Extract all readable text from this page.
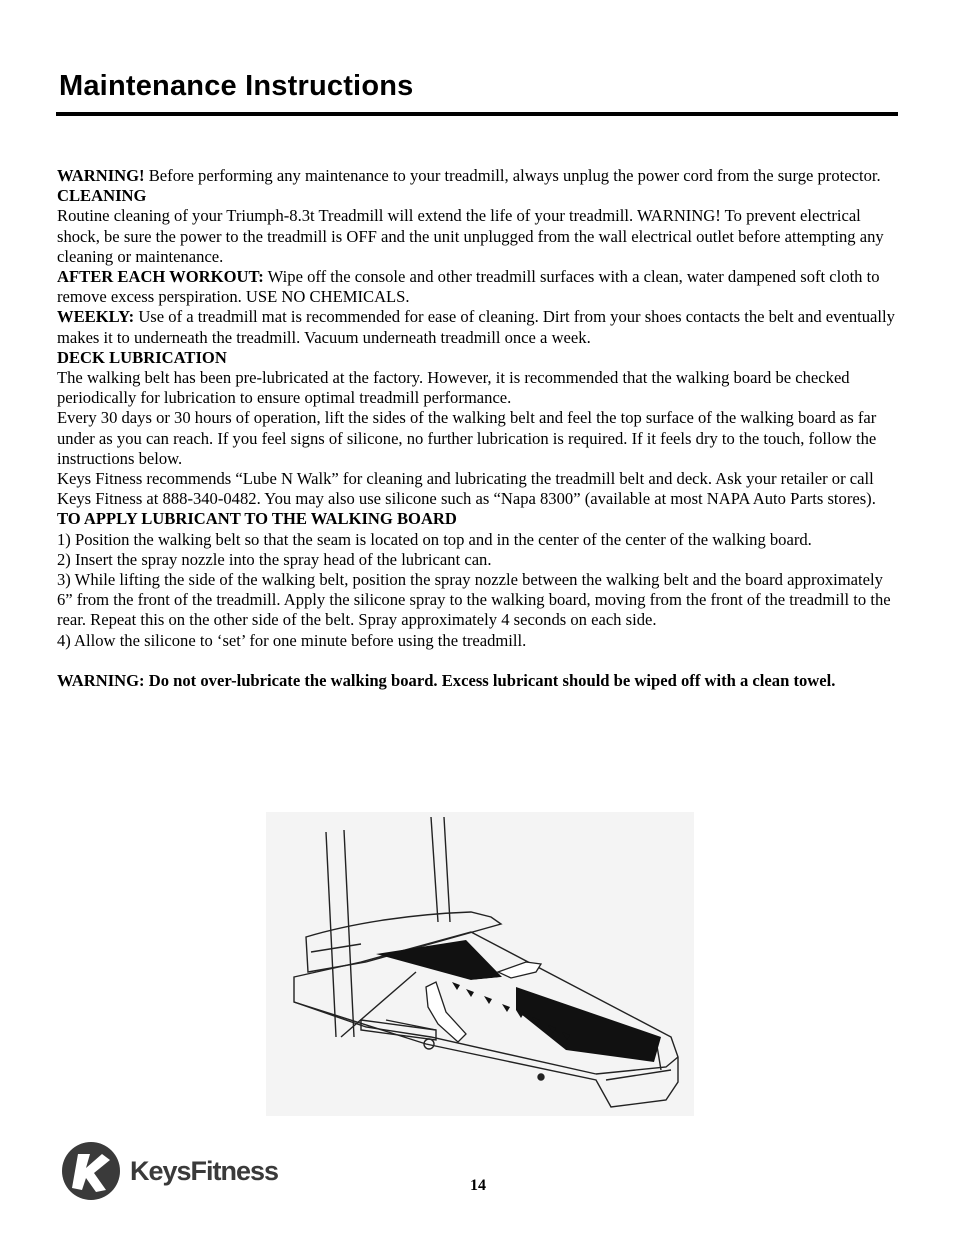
Maintenance Instructions

WARNING! Before performing any maintenance to your treadmill, always unplug the power cord from the surge protector.

CLEANING

Routine cleaning of your Triumph-8.3t Treadmill will extend the life of your treadmill. WARNING! To prevent electrical shock, be sure the power to the treadmill is OFF and the unit unplugged from the wall electrical outlet before attempting any cleaning or maintenance.

AFTER EACH WORKOUT: Wipe off the console and other treadmill surfaces with a clean, water dampened soft cloth to remove excess perspiration. USE NO CHEMICALS.

WEEKLY: Use of a treadmill mat is recommended for ease of cleaning. Dirt from your shoes contacts the belt and eventually makes it to underneath the treadmill. Vacuum underneath treadmill once a week.

DECK LUBRICATION

The walking belt has been pre-lubricated at the factory. However, it is recommended that the walking board be checked periodically for lubrication to ensure optimal treadmill performance.

Every 30 days or 30 hours of operation, lift the sides of the walking belt and feel the top surface of the walking board as far under as you can reach. If you feel signs of silicone, no further lubrication is required. If it feels dry to the touch, follow the instructions below.

Keys Fitness recommends “Lube N Walk” for cleaning and lubricating the treadmill belt and deck. Ask your retailer or call Keys Fitness at 888-340-0482. You may also use silicone such as “Napa 8300” (available at most NAPA Auto Parts stores).

TO APPLY LUBRICANT TO THE WALKING BOARD

1) Position the walking belt so that the seam is located on top and in the center of the center of the walking board.

2) Insert the spray nozzle into the spray head of the lubricant can.

3) While lifting the side of the walking belt, position the spray nozzle between the walking belt and the board approximately 6” from the front of the treadmill. Apply the silicone spray to the walking board, moving from the front of the treadmill to the rear. Repeat this on the other side of the belt. Spray approximately 4 seconds on each side.

4) Allow the silicone to ‘set’ for one minute before using the treadmill.

WARNING: Do not over-lubricate the walking board. Excess lubricant should be wiped off with a clean towel.

KeysFitness	14
